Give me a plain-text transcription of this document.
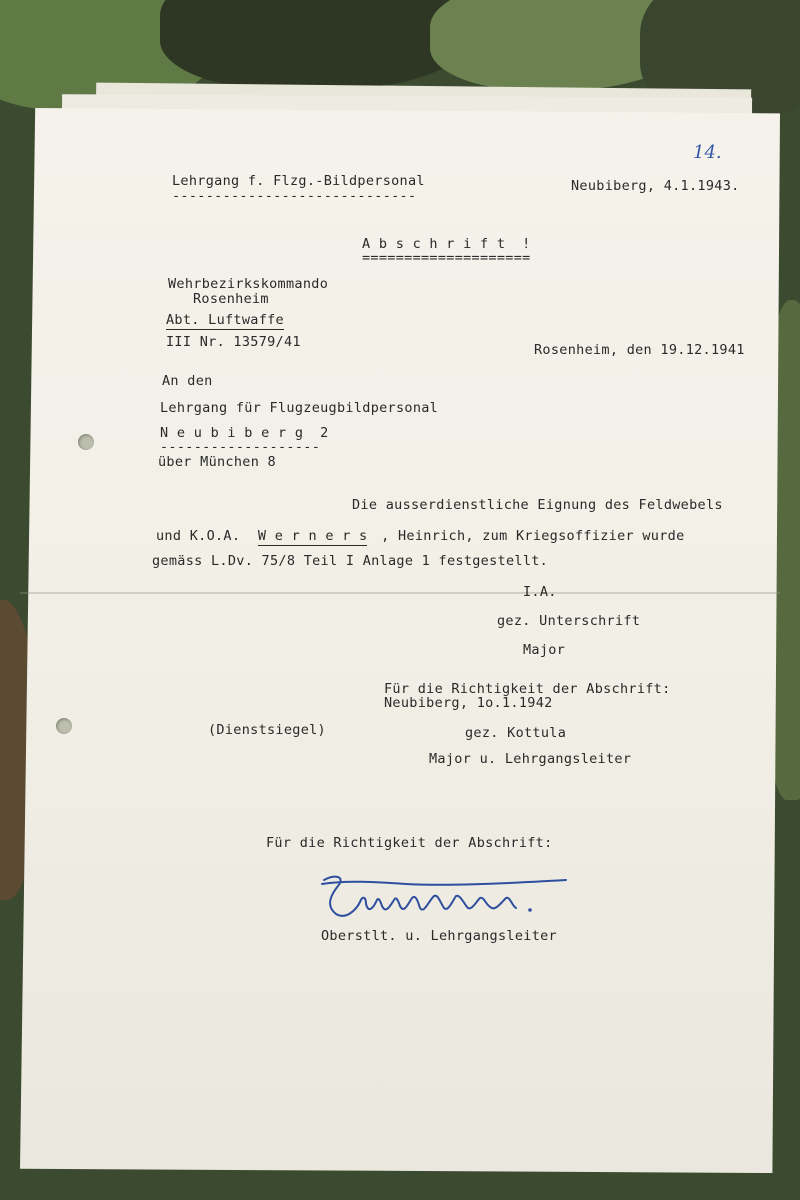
14.
Lehrgang f. Flzg.-Bildpersonal
-----------------------------
Neubiberg, 4.1.1943.
A b s c h r i f t  !
====================
Wehrbezirkskommando
Rosenheim
Abt. Luftwaffe
III Nr. 13579/41	Rosenheim, den 19.12.1941
An den
Lehrgang für Flugzeugbildpersonal
N e u b i b e r g  2
-------------------
über München 8
Die ausserdienstliche Eignung des Feldwebels
und K.O.A. W e r n e r s , Heinrich, zum Kriegsoffizier wurde
gemäss L.Dv. 75/8 Teil I Anlage 1 festgestellt.
I.A.
gez. Unterschrift
Major
Für die Richtigkeit der Abschrift:
Neubiberg, 1o.1.1942
(Dienstsiegel)	gez. Kottula
Major u. Lehrgangsleiter
Für die Richtigkeit der Abschrift:
Oberstlt. u. Lehrgangsleiter
